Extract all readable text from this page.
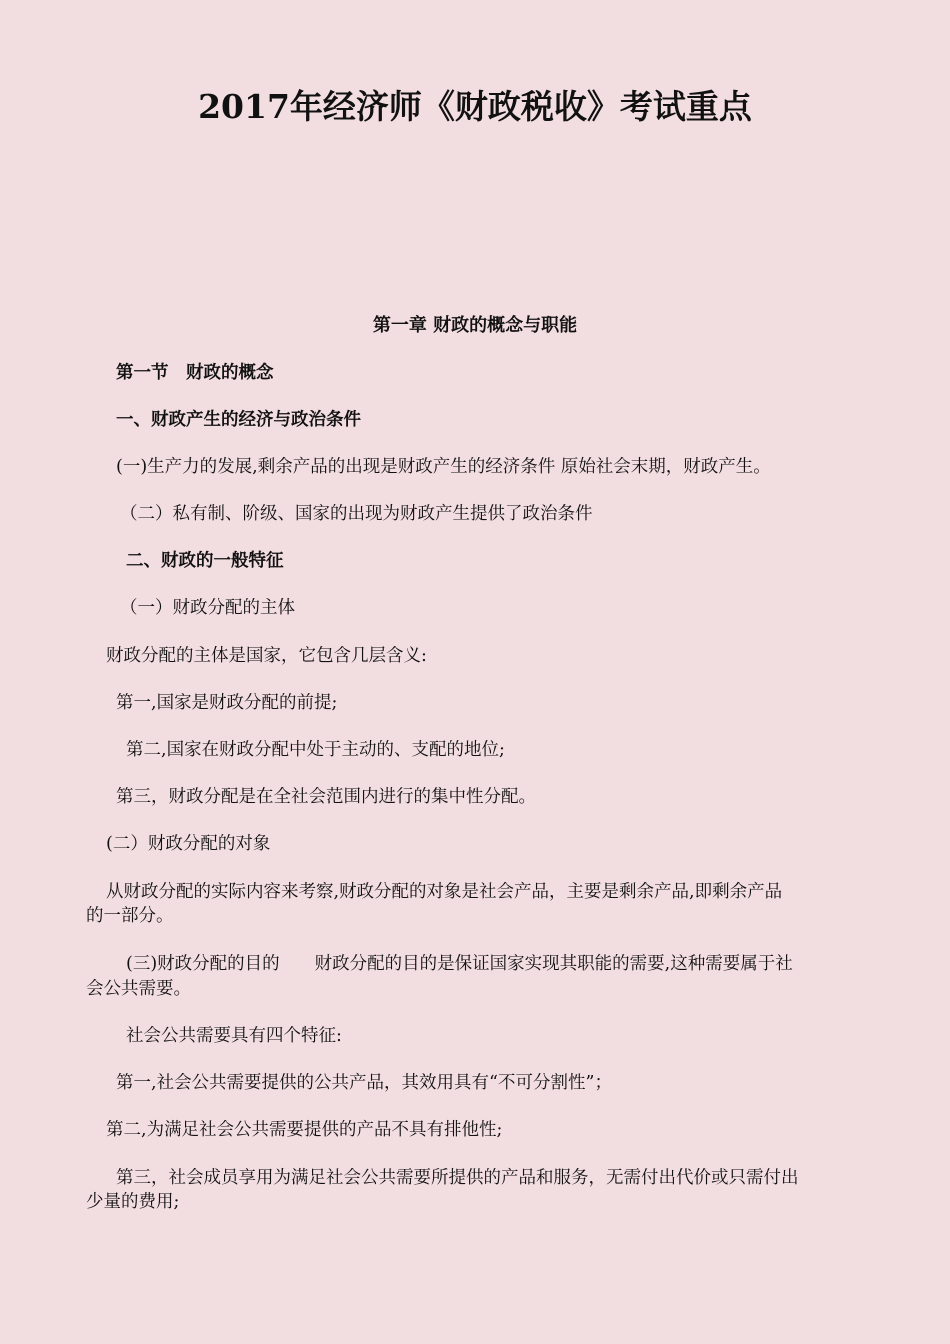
2017年经济师《财政税收》考试重点
第一章 财政的概念与职能

第一节　财政的概念

一、财政产生的经济与政治条件

(一)生产力的发展,剩余产品的出现是财政产生的经济条件 原始社会末期，财政产生。

（二）私有制、阶级、国家的出现为财政产生提供了政治条件

二、财政的一般特征

（一）财政分配的主体

财政分配的主体是国家，它包含几层含义:

第一,国家是财政分配的前提;

第二,国家在财政分配中处于主动的、支配的地位;

第三，财政分配是在全社会范围内进行的集中性分配。

(二）财政分配的对象

从财政分配的实际内容来考察,财政分配的对象是社会产品，主要是剩余产品,即剩余产品

的一部分。

(三)财政分配的目的　　财政分配的目的是保证国家实现其职能的需要,这种需要属于社

会公共需要。

社会公共需要具有四个特征:

第一,社会公共需要提供的公共产品，其效用具有“不可分割性”；

第二,为满足社会公共需要提供的产品不具有排他性;

第三，社会成员享用为满足社会公共需要所提供的产品和服务，无需付出代价或只需付出

少量的费用;
